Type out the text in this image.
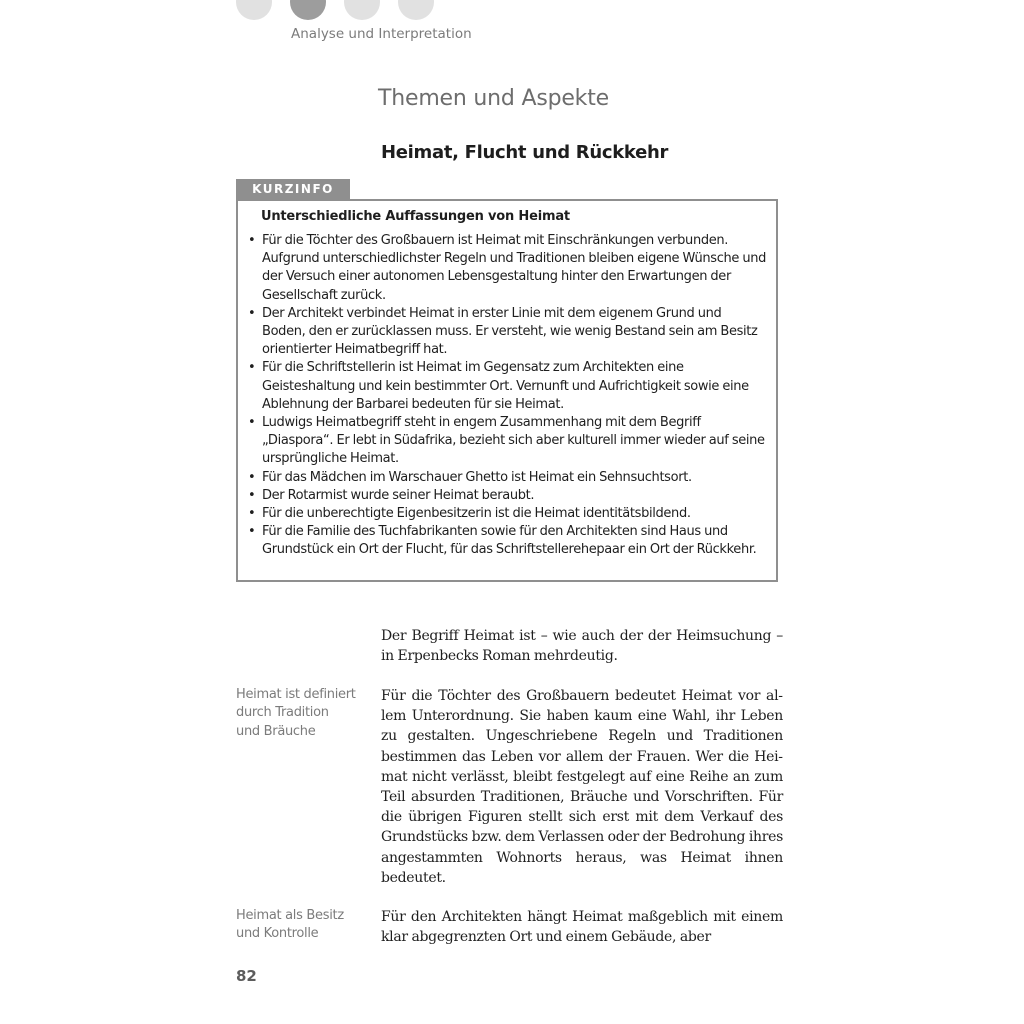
Analyse und Interpretation
Themen und Aspekte
Heimat, Flucht und Rückkehr
KURZINFO
Unterschiedliche Auffassungen von Heimat
• Für die Töchter des Großbauern ist Heimat mit Einschränkungen verbunden. Aufgrund unterschiedlichster Regeln und Traditionen bleiben eigene Wünsche und der Versuch einer autonomen Lebensgestaltung hinter den Erwartungen der Gesellschaft zurück.
• Der Architekt verbindet Heimat in erster Linie mit dem eigenem Grund und Boden, den er zurücklassen muss. Er versteht, wie wenig Bestand sein am Besitz orientierter Heimatbegriff hat.
• Für die Schriftstellerin ist Heimat im Gegensatz zum Architekten eine Geisteshaltung und kein bestimmter Ort. Vernunft und Aufrichtigkeit sowie eine Ablehnung der Barbarei bedeuten für sie Heimat.
• Ludwigs Heimatbegriff steht in engem Zusammenhang mit dem Begriff „Diaspora“. Er lebt in Südafrika, bezieht sich aber kulturell immer wieder auf seine ursprüngliche Heimat.
• Für das Mädchen im Warschauer Ghetto ist Heimat ein Sehnsuchtsort.
• Der Rotarmist wurde seiner Heimat beraubt.
• Für die unberechtigte Eigenbesitzerin ist die Heimat identitätsbildend.
• Für die Familie des Tuchfabrikanten sowie für den Architekten sind Haus und Grundstück ein Ort der Flucht, für das Schriftstellerehepaar ein Ort der Rückkehr.

Der Begriff Heimat ist – wie auch der der Heimsuchung – in Erpenbecks Roman mehrdeutig.

Heimat ist definiert durch Tradition und Bräuche

Für die Töchter des Großbauern bedeutet Heimat vor allem Unterordnung. Sie haben kaum eine Wahl, ihr Leben zu gestalten. Ungeschriebene Regeln und Traditionen bestimmen das Leben vor allem der Frauen. Wer die Heimat nicht verlässt, bleibt festgelegt auf eine Reihe an zum Teil absurden Traditionen, Bräuche und Vorschriften. Für die übrigen Figuren stellt sich erst mit dem Verkauf des Grundstücks bzw. dem Verlassen oder der Bedrohung ihres angestammten Wohnorts heraus, was Heimat ihnen bedeutet.

Heimat als Besitz und Kontrolle

Für den Architekten hängt Heimat maßgeblich mit einem klar abgegrenzten Ort und einem Gebäude, aber

82
